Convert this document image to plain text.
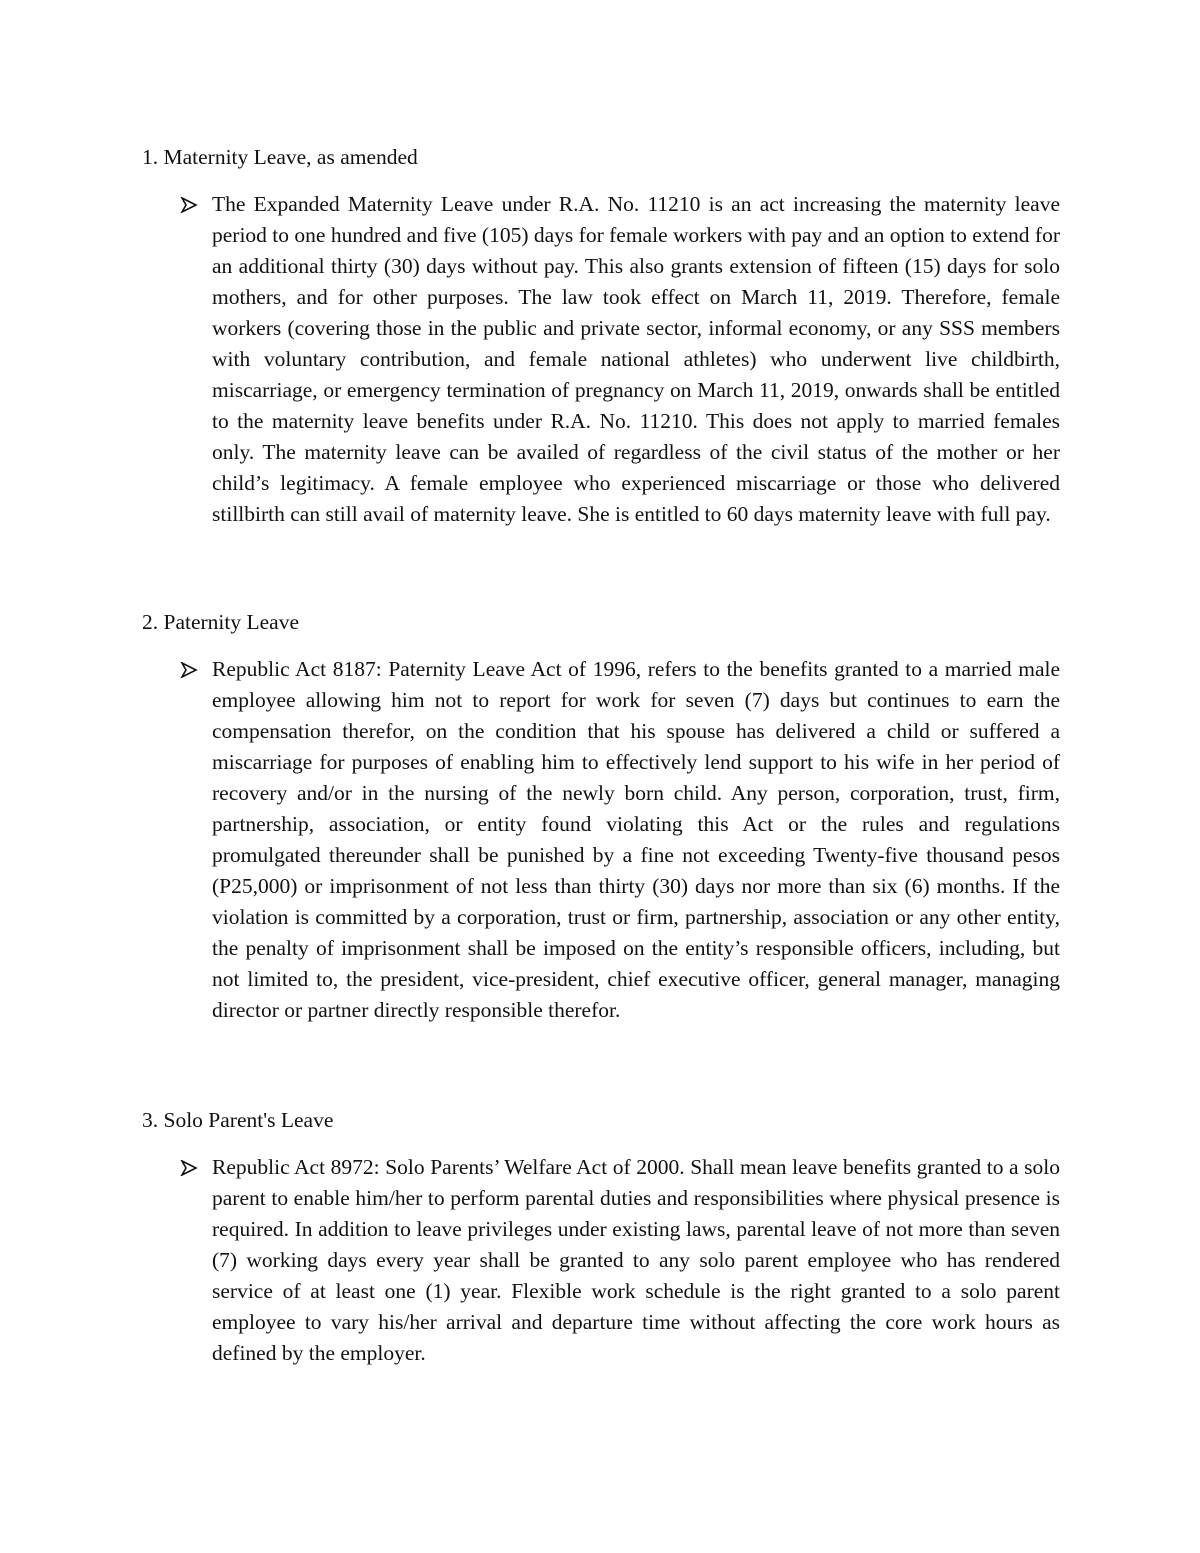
1. Maternity Leave, as amended

The Expanded Maternity Leave under R.A. No. 11210 is an act increasing the maternity leave period to one hundred and five (105) days for female workers with pay and an option to extend for an additional thirty (30) days without pay. This also grants extension of fifteen (15) days for solo mothers, and for other purposes. The law took effect on March 11, 2019. Therefore, female workers (covering those in the public and private sector, informal economy, or any SSS members with voluntary contribution, and female national athletes) who underwent live childbirth, miscarriage, or emergency termination of pregnancy on March 11, 2019, onwards shall be entitled to the maternity leave benefits under R.A. No. 11210. This does not apply to married females only. The maternity leave can be availed of regardless of the civil status of the mother or her child’s legitimacy. A female employee who experienced miscarriage or those who delivered stillbirth can still avail of maternity leave. She is entitled to 60 days maternity leave with full pay.

2. Paternity Leave

Republic Act 8187: Paternity Leave Act of 1996, refers to the benefits granted to a married male employee allowing him not to report for work for seven (7) days but continues to earn the compensation therefor, on the condition that his spouse has delivered a child or suffered a miscarriage for purposes of enabling him to effectively lend support to his wife in her period of recovery and/or in the nursing of the newly born child. Any person, corporation, trust, firm, partnership, association, or entity found violating this Act or the rules and regulations promulgated thereunder shall be punished by a fine not exceeding Twenty-five thousand pesos (P25,000) or imprisonment of not less than thirty (30) days nor more than six (6) months. If the violation is committed by a corporation, trust or firm, partnership, association or any other entity, the penalty of imprisonment shall be imposed on the entity’s responsible officers, including, but not limited to, the president, vice-president, chief executive officer, general manager, managing director or partner directly responsible therefor.

3. Solo Parent's Leave

Republic Act 8972: Solo Parents’ Welfare Act of 2000. Shall mean leave benefits granted to a solo parent to enable him/her to perform parental duties and responsibilities where physical presence is required. In addition to leave privileges under existing laws, parental leave of not more than seven (7) working days every year shall be granted to any solo parent employee who has rendered service of at least one (1) year. Flexible work schedule is the right granted to a solo parent employee to vary his/her arrival and departure time without affecting the core work hours as defined by the employer.
